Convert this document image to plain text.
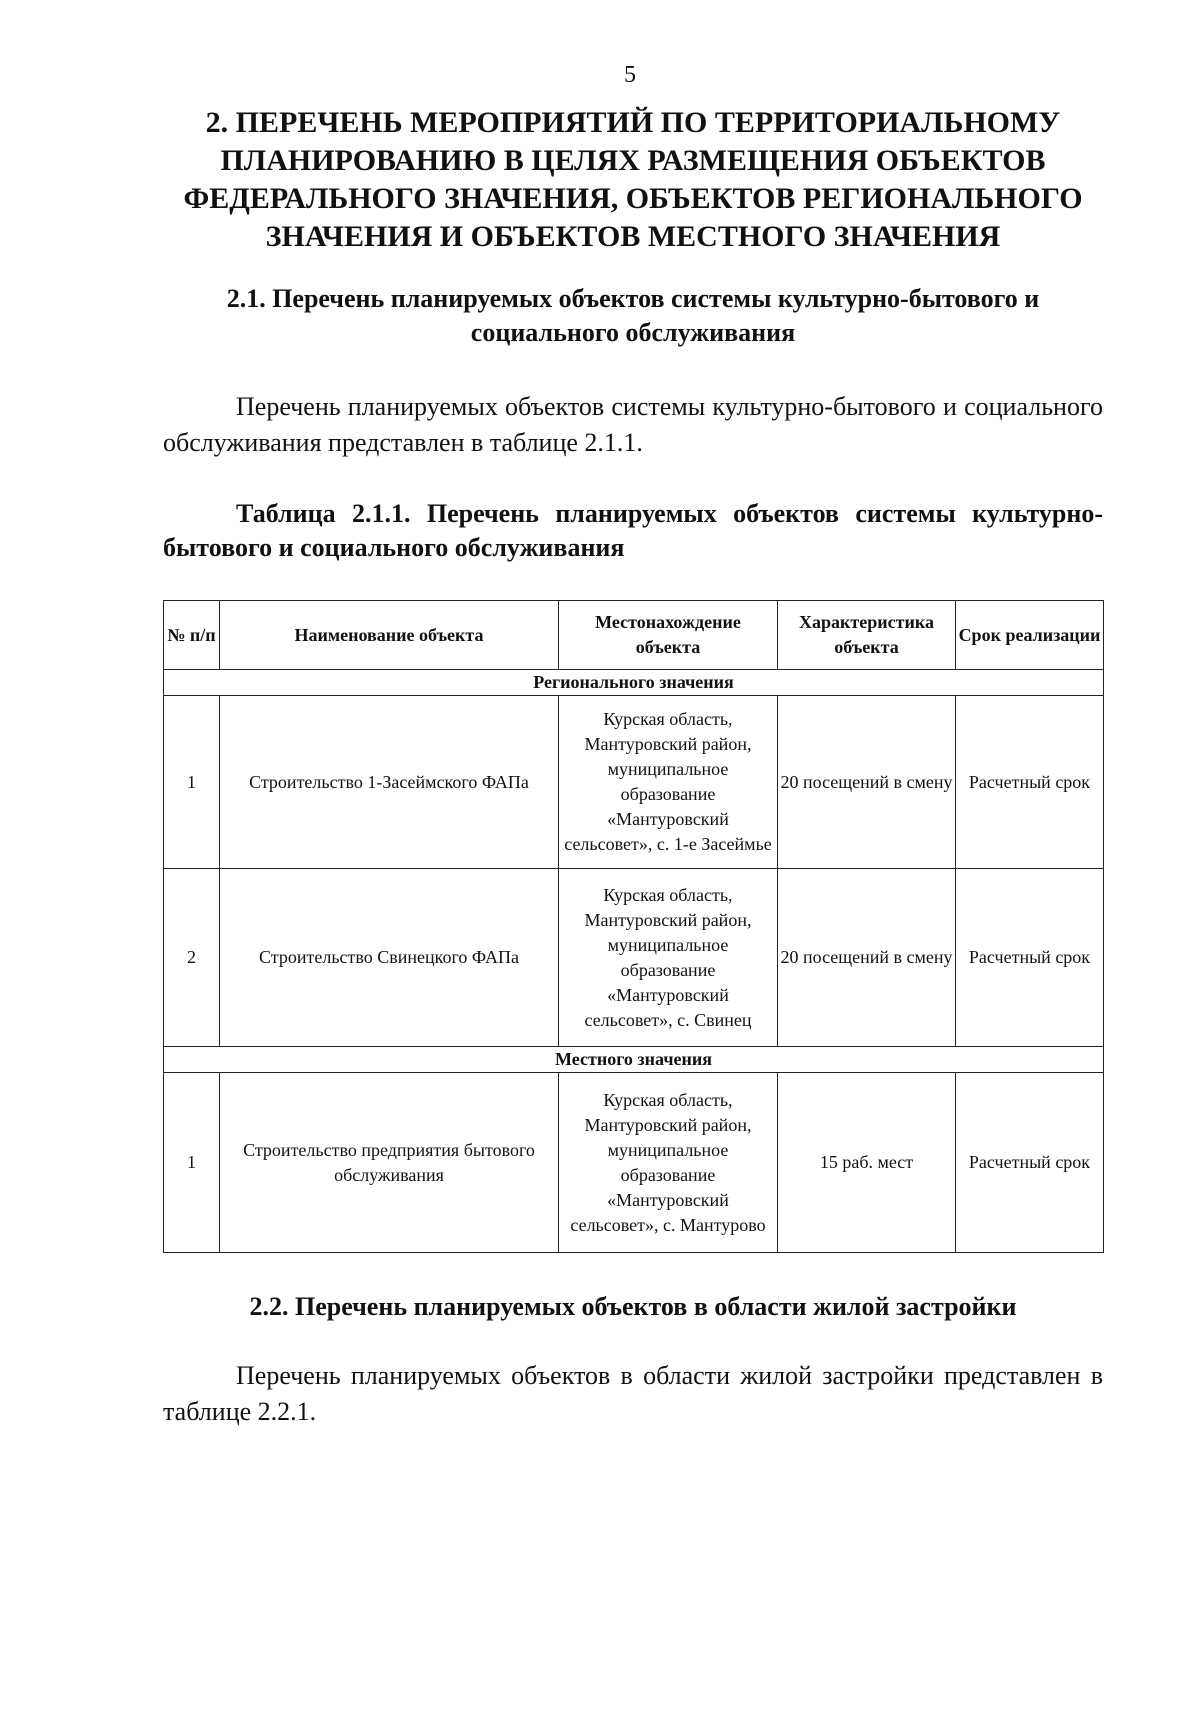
5
2. ПЕРЕЧЕНЬ МЕРОПРИЯТИЙ ПО ТЕРРИТОРИАЛЬНОМУ ПЛАНИРОВАНИЮ В ЦЕЛЯХ РАЗМЕЩЕНИЯ ОБЪЕКТОВ ФЕДЕРАЛЬНОГО ЗНАЧЕНИЯ, ОБЪЕКТОВ РЕГИОНАЛЬНОГО ЗНАЧЕНИЯ И ОБЪЕКТОВ МЕСТНОГО ЗНАЧЕНИЯ
2.1. Перечень планируемых объектов системы культурно-бытового и социального обслуживания
Перечень планируемых объектов системы культурно-бытового и социального обслуживания представлен в таблице 2.1.1.
Таблица 2.1.1. Перечень планируемых объектов системы культурно-бытового и социального обслуживания
№ п/п	Наименование объекта	Местонахождение объекта	Характеристика объекта	Срок реализации
Регионального значения				
1	Строительство 1-Засеймского ФАПа	Курская область, Мантуровский район, муниципальное образование «Мантуровский сельсовет», с. 1-е Засеймье	20 посещений в смену	Расчетный срок
2	Строительство Свинецкого ФАПа	Курская область, Мантуровский район, муниципальное образование «Мантуровский сельсовет», с. Свинец	20 посещений в смену	Расчетный срок
Местного значения				
1	Строительство предприятия бытового обслуживания	Курская область, Мантуровский район, муниципальное образование «Мантуровский сельсовет», с. Мантурово	15 раб. мест	Расчетный срок
2.2. Перечень планируемых объектов в области жилой застройки
Перечень планируемых объектов в области жилой застройки представлен в таблице 2.2.1.
